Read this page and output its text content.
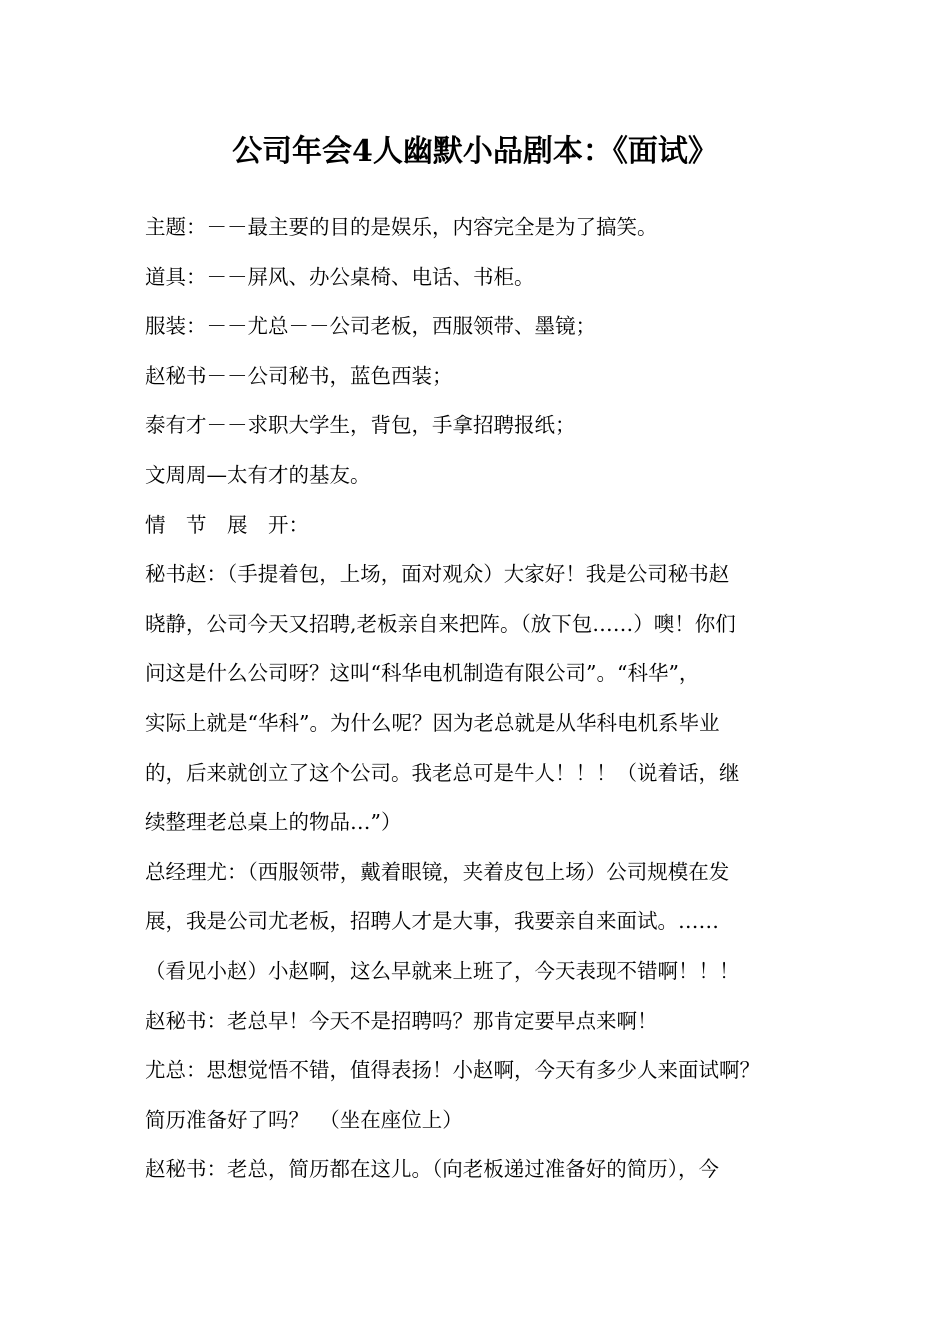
公司年会4人幽默小品剧本：《面试》
主题：－－最主要的目的是娱乐，内容完全是为了搞笑。
道具：－－屏风、办公桌椅、电话、书柜。
服装：－－尤总－－公司老板，西服领带、墨镜；
赵秘书－－公司秘书，蓝色西装；
泰有才－－求职大学生，背包，手拿招聘报纸；
文周周—太有才的基友。
情　节　展　开：
秘书赵：（手提着包，上场，面对观众）大家好！我是公司秘书赵
晓静，公司今天又招聘,老板亲自来把阵。（放下包……）噢！你们
问这是什么公司呀？这叫“科华电机制造有限公司”。“科华”，
实际上就是“华科”。为什么呢？因为老总就是从华科电机系毕业
的，后来就创立了这个公司。我老总可是牛人！！！（说着话，继
续整理老总桌上的物品…”）
总经理尤：（西服领带，戴着眼镜，夹着皮包上场）公司规模在发
展，我是公司尤老板，招聘人才是大事，我要亲自来面试。……
（看见小赵）小赵啊，这么早就来上班了，今天表现不错啊！！！
赵秘书：老总早！今天不是招聘吗？那肯定要早点来啊！
尤总：思想觉悟不错，值得表扬！小赵啊，今天有多少人来面试啊？
简历准备好了吗？　（坐在座位上）
赵秘书：老总，简历都在这儿。（向老板递过准备好的简历），今
